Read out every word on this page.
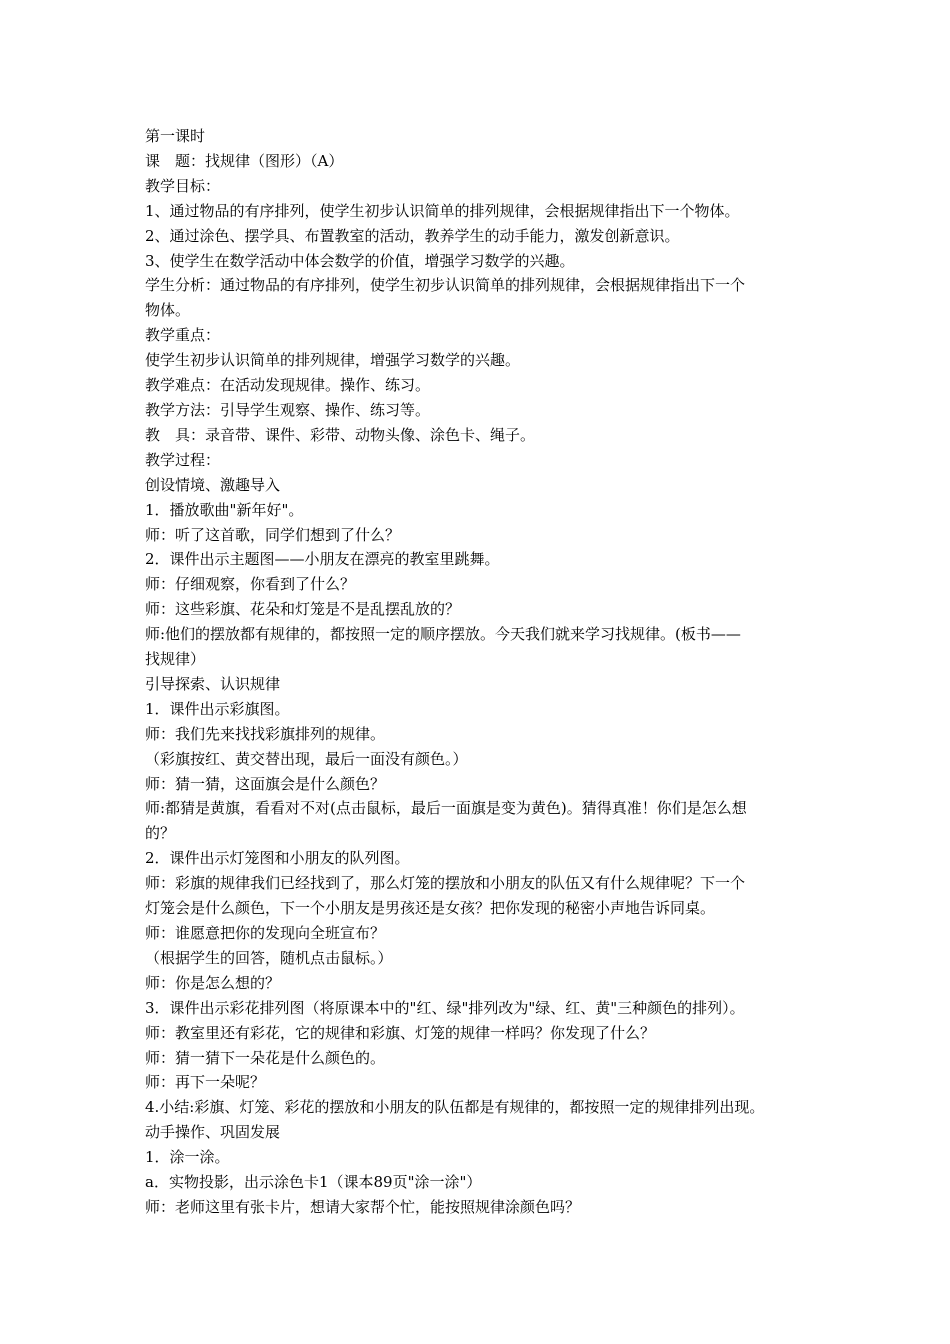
第一课时
课　题：找规律（图形）（A）
教学目标：
1、通过物品的有序排列，使学生初步认识简单的排列规律，会根据规律指出下一个物体。
2、通过涂色、摆学具、布置教室的活动，教养学生的动手能力，激发创新意识。
3、使学生在数学活动中体会数学的价值，增强学习数学的兴趣。
学生分析：通过物品的有序排列，使学生初步认识简单的排列规律，会根据规律指出下一个
物体。
教学重点：
使学生初步认识简单的排列规律，增强学习数学的兴趣。
教学难点：在活动发现规律。操作、练习。
教学方法：引导学生观察、操作、练习等。
教　具：录音带、课件、彩带、动物头像、涂色卡、绳子。
教学过程：
创设情境、激趣导入
1．播放歌曲"新年好"。
师：听了这首歌，同学们想到了什么？
2．课件出示主题图——小朋友在漂亮的教室里跳舞。
师：仔细观察，你看到了什么？
师：这些彩旗、花朵和灯笼是不是乱摆乱放的？
师:他们的摆放都有规律的，都按照一定的顺序摆放。今天我们就来学习找规律。(板书——
找规律）
引导探索、认识规律
1．课件出示彩旗图。
师：我们先来找找彩旗排列的规律。
（彩旗按红、黄交替出现，最后一面没有颜色。）
师：猜一猜，这面旗会是什么颜色？
师:都猜是黄旗，看看对不对(点击鼠标，最后一面旗是变为黄色)。猜得真准！你们是怎么想
的？
2．课件出示灯笼图和小朋友的队列图。
师：彩旗的规律我们已经找到了，那么灯笼的摆放和小朋友的队伍又有什么规律呢？下一个
灯笼会是什么颜色，下一个小朋友是男孩还是女孩？把你发现的秘密小声地告诉同桌。
师：谁愿意把你的发现向全班宣布？
（根据学生的回答，随机点击鼠标。）
师：你是怎么想的？
3．课件出示彩花排列图（将原课本中的"红、绿"排列改为"绿、红、黄"三种颜色的排列）。
师：教室里还有彩花，它的规律和彩旗、灯笼的规律一样吗？你发现了什么？
师：猜一猜下一朵花是什么颜色的。
师：再下一朵呢？
4.小结:彩旗、灯笼、彩花的摆放和小朋友的队伍都是有规律的，都按照一定的规律排列出现。
动手操作、巩固发展
1．涂一涂。
a．实物投影，出示涂色卡1（课本89页"涂一涂"）
师：老师这里有张卡片，想请大家帮个忙，能按照规律涂颜色吗？
